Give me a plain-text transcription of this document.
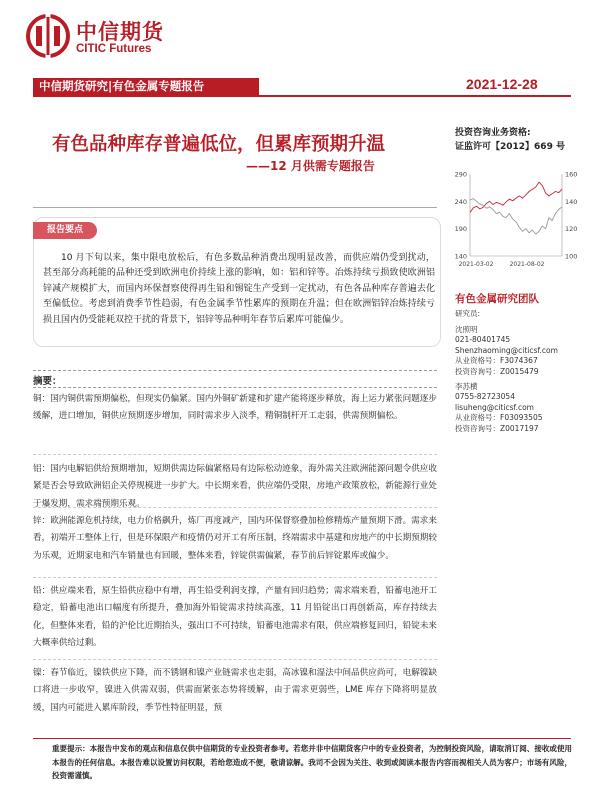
中信期货
CITIC Futures
中信期货研究|有色金属专题报告	2021-12-28
有色品种库存普遍低位，但累库预期升温
——12 月供需专题报告
投资咨询业务资格:
证监许可【2012】669 号
140
190
240
290
100
120
140
160
2021-03-02	2021-08-02
有色金属研究团队
研究员:
沈照明
021-80401745
Shenzhaoming@citicsf.com
从业资格号：F3074367
投资咨询号：Z0015479
李苏横
0755-82723054
lisuheng@citicsf.com
从业资格号：F03093505
投资咨询号：Z0017197
报告要点
10 月下旬以来，集中限电放松后，有色多数品种消费出现明显改善，而供应端仍受到扰动，甚至部分高耗能的品种还受到欧洲电价持续上涨的影响，如：铝和锌等。冶炼持续亏损致使欧洲铝锌减产规模扩大，而国内环保督察使得再生铅和锡锭生产受到一定扰动，有色各品种库存普遍去化至偏低位。考虑到消费季节性趋弱，有色金属季节性累库的预期在升温；但在欧洲铝锌冶炼持续亏损且国内仍受能耗双控干扰的背景下，铝锌等品种明年春节后累库可能偏少。
摘要：
铜：国内铜供需预期偏松，但现实仍偏紧。国内外铜矿新建和扩建产能将逐步释放，海上运力紧张问题逐步缓解，进口增加，铜供应预期逐步增加，同时需求步入淡季，精铜制杆开工走弱，供需预期偏松。
铝：国内电解铝供给预期增加，短期供需边际偏紧格局有边际松动迹象，海外需关注欧洲能源问题令供应收紧是否会导致欧洲铝企关停规模进一步扩大。中长期来看，供应端仍受限，房地产政策放松，新能源行业处于爆发期，需求端预期乐观。
锌：欧洲能源危机持续，电力价格飙升，炼厂再度减产，国内环保督察叠加检修精炼产量预期下滑。需求来看，初端开工整体上行，但是环保限产和疫情仍对开工有所压制，终端需求中基建和房地产的中长期预期较为乐观，近期家电和汽车销量也有回暖，整体来看，锌锭供需偏紧，春节前后锌锭累库或偏少。
铅：供应端来看，原生铅供应稳中有增，再生铅受利润支撑，产量有回归趋势；需求端来看，铅蓄电池开工稳定，铅蓄电池出口幅度有所提升，叠加海外铅锭需求持续高涨，11 月铅锭出口再创新高，库存持续去化，但整体来看，铅的沪伦比近期抬头，强出口不可持续，铅蓄电池需求有限，供应端修复回归，铅锭未来大概率供给过剩。
镍：春节临近，镍铁供应下降，而不锈钢和镍产业链需求也走弱，高冰镍和湿法中间品供应尚可，电解镍缺口将进一步收窄，镍进入供需双弱，供需面紧张态势将缓解，由于需求更弱些，LME 库存下降将明显放缓，国内可能进入累库阶段，季节性特征明显，预
重要提示：本报告中发布的观点和信息仅供中信期货的专业投资者参考。若您并非中信期货客户中的专业投资者，为控制投资风险，请取消订阅、接收或使用本报告的任何信息。本报告难以设置访问权限，若给您造成不便，敬请谅解。我司不会因为关注、收到或阅读本报告内容而视相关人员为客户；市场有风险，投资需谨慎。
